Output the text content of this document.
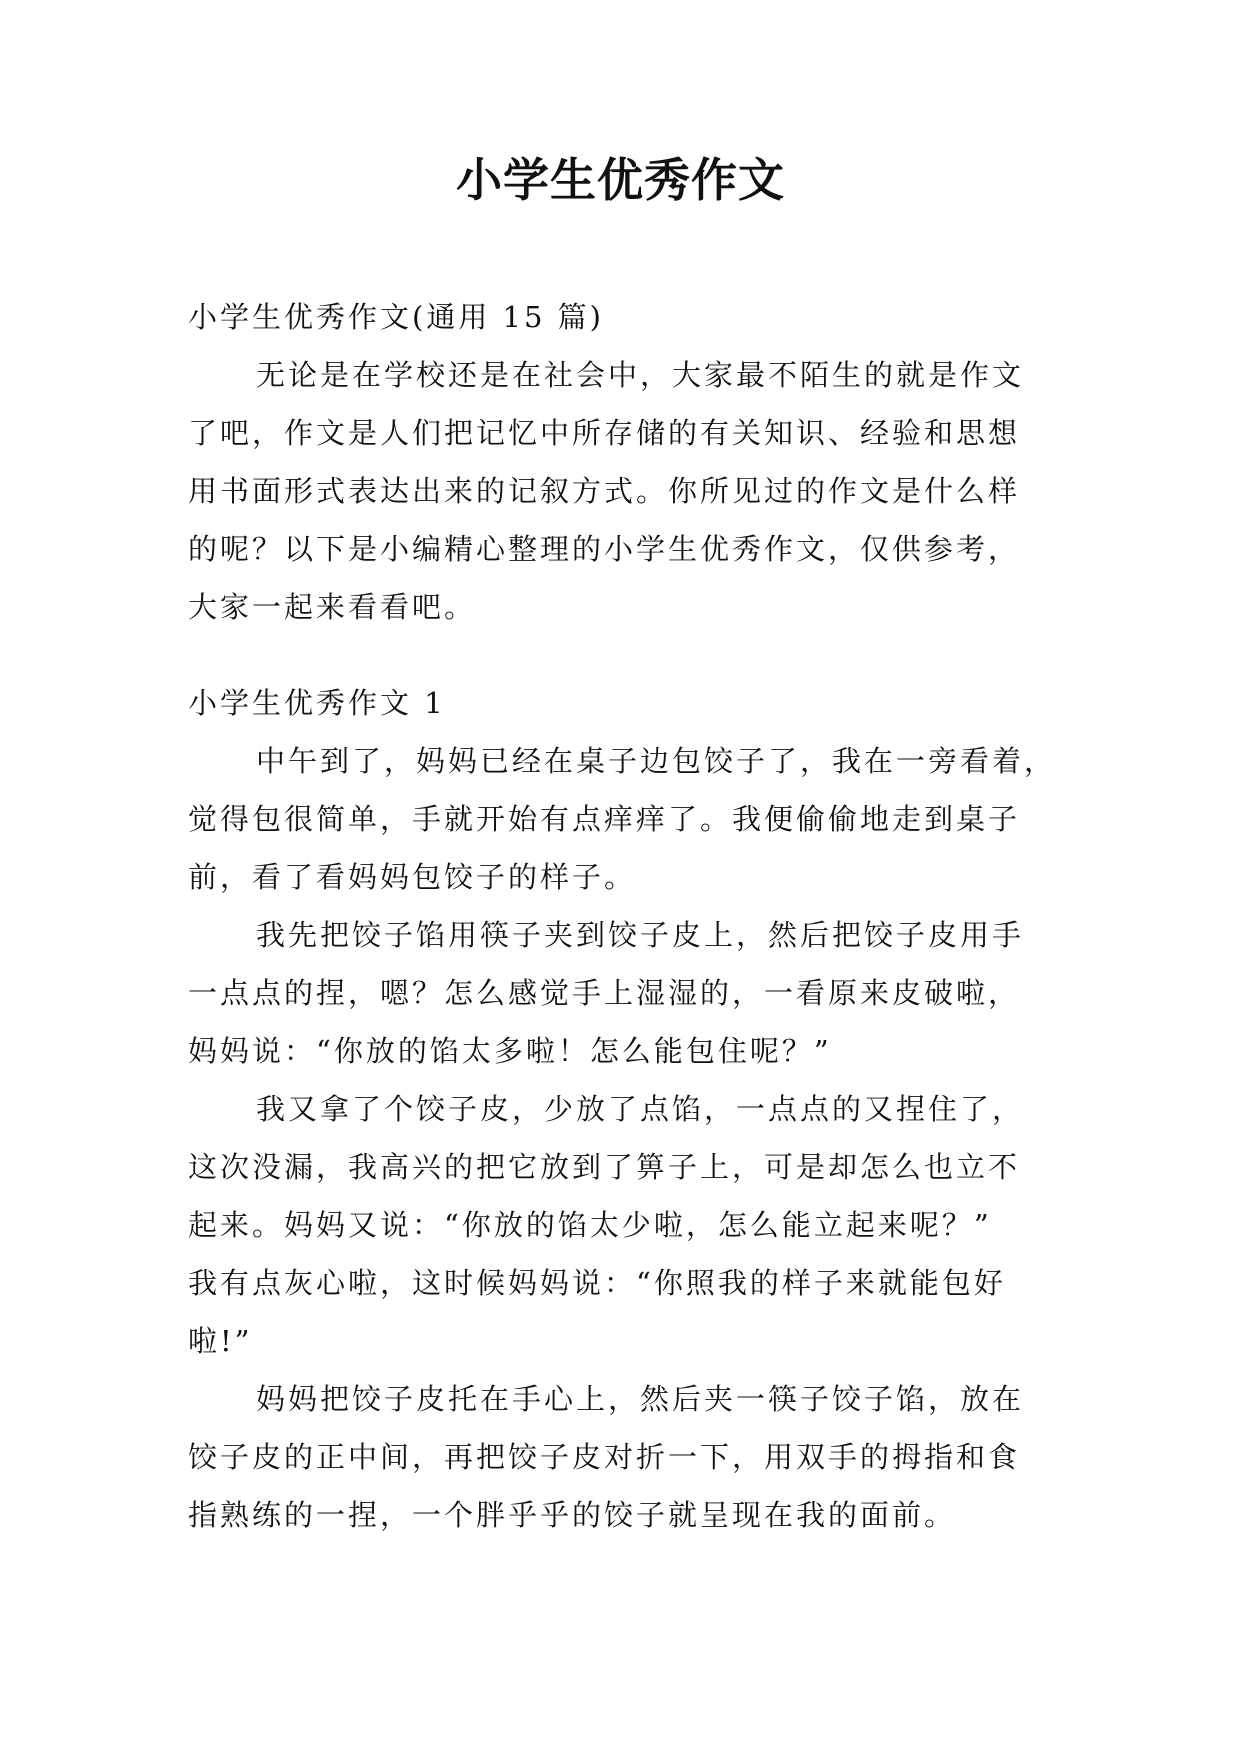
小学生优秀作文
小学生优秀作文(通用 15 篇)
无论是在学校还是在社会中，大家最不陌生的就是作文
了吧，作文是人们把记忆中所存储的有关知识、经验和思想
用书面形式表达出来的记叙方式。你所见过的作文是什么样
的呢？以下是小编精心整理的小学生优秀作文，仅供参考，
大家一起来看看吧。
小学生优秀作文 1
中午到了，妈妈已经在桌子边包饺子了，我在一旁看着，
觉得包很简单，手就开始有点痒痒了。我便偷偷地走到桌子
前，看了看妈妈包饺子的样子。
我先把饺子馅用筷子夹到饺子皮上，然后把饺子皮用手
一点点的捏，嗯？怎么感觉手上湿湿的，一看原来皮破啦，
妈妈说：“你放的馅太多啦！怎么能包住呢？”
我又拿了个饺子皮，少放了点馅，一点点的又捏住了，
这次没漏，我高兴的把它放到了箅子上，可是却怎么也立不
起来。妈妈又说：“你放的馅太少啦，怎么能立起来呢？”
我有点灰心啦，这时候妈妈说：“你照我的样子来就能包好
啦!”
妈妈把饺子皮托在手心上，然后夹一筷子饺子馅，放在
饺子皮的正中间，再把饺子皮对折一下，用双手的拇指和食
指熟练的一捏，一个胖乎乎的饺子就呈现在我的面前。
